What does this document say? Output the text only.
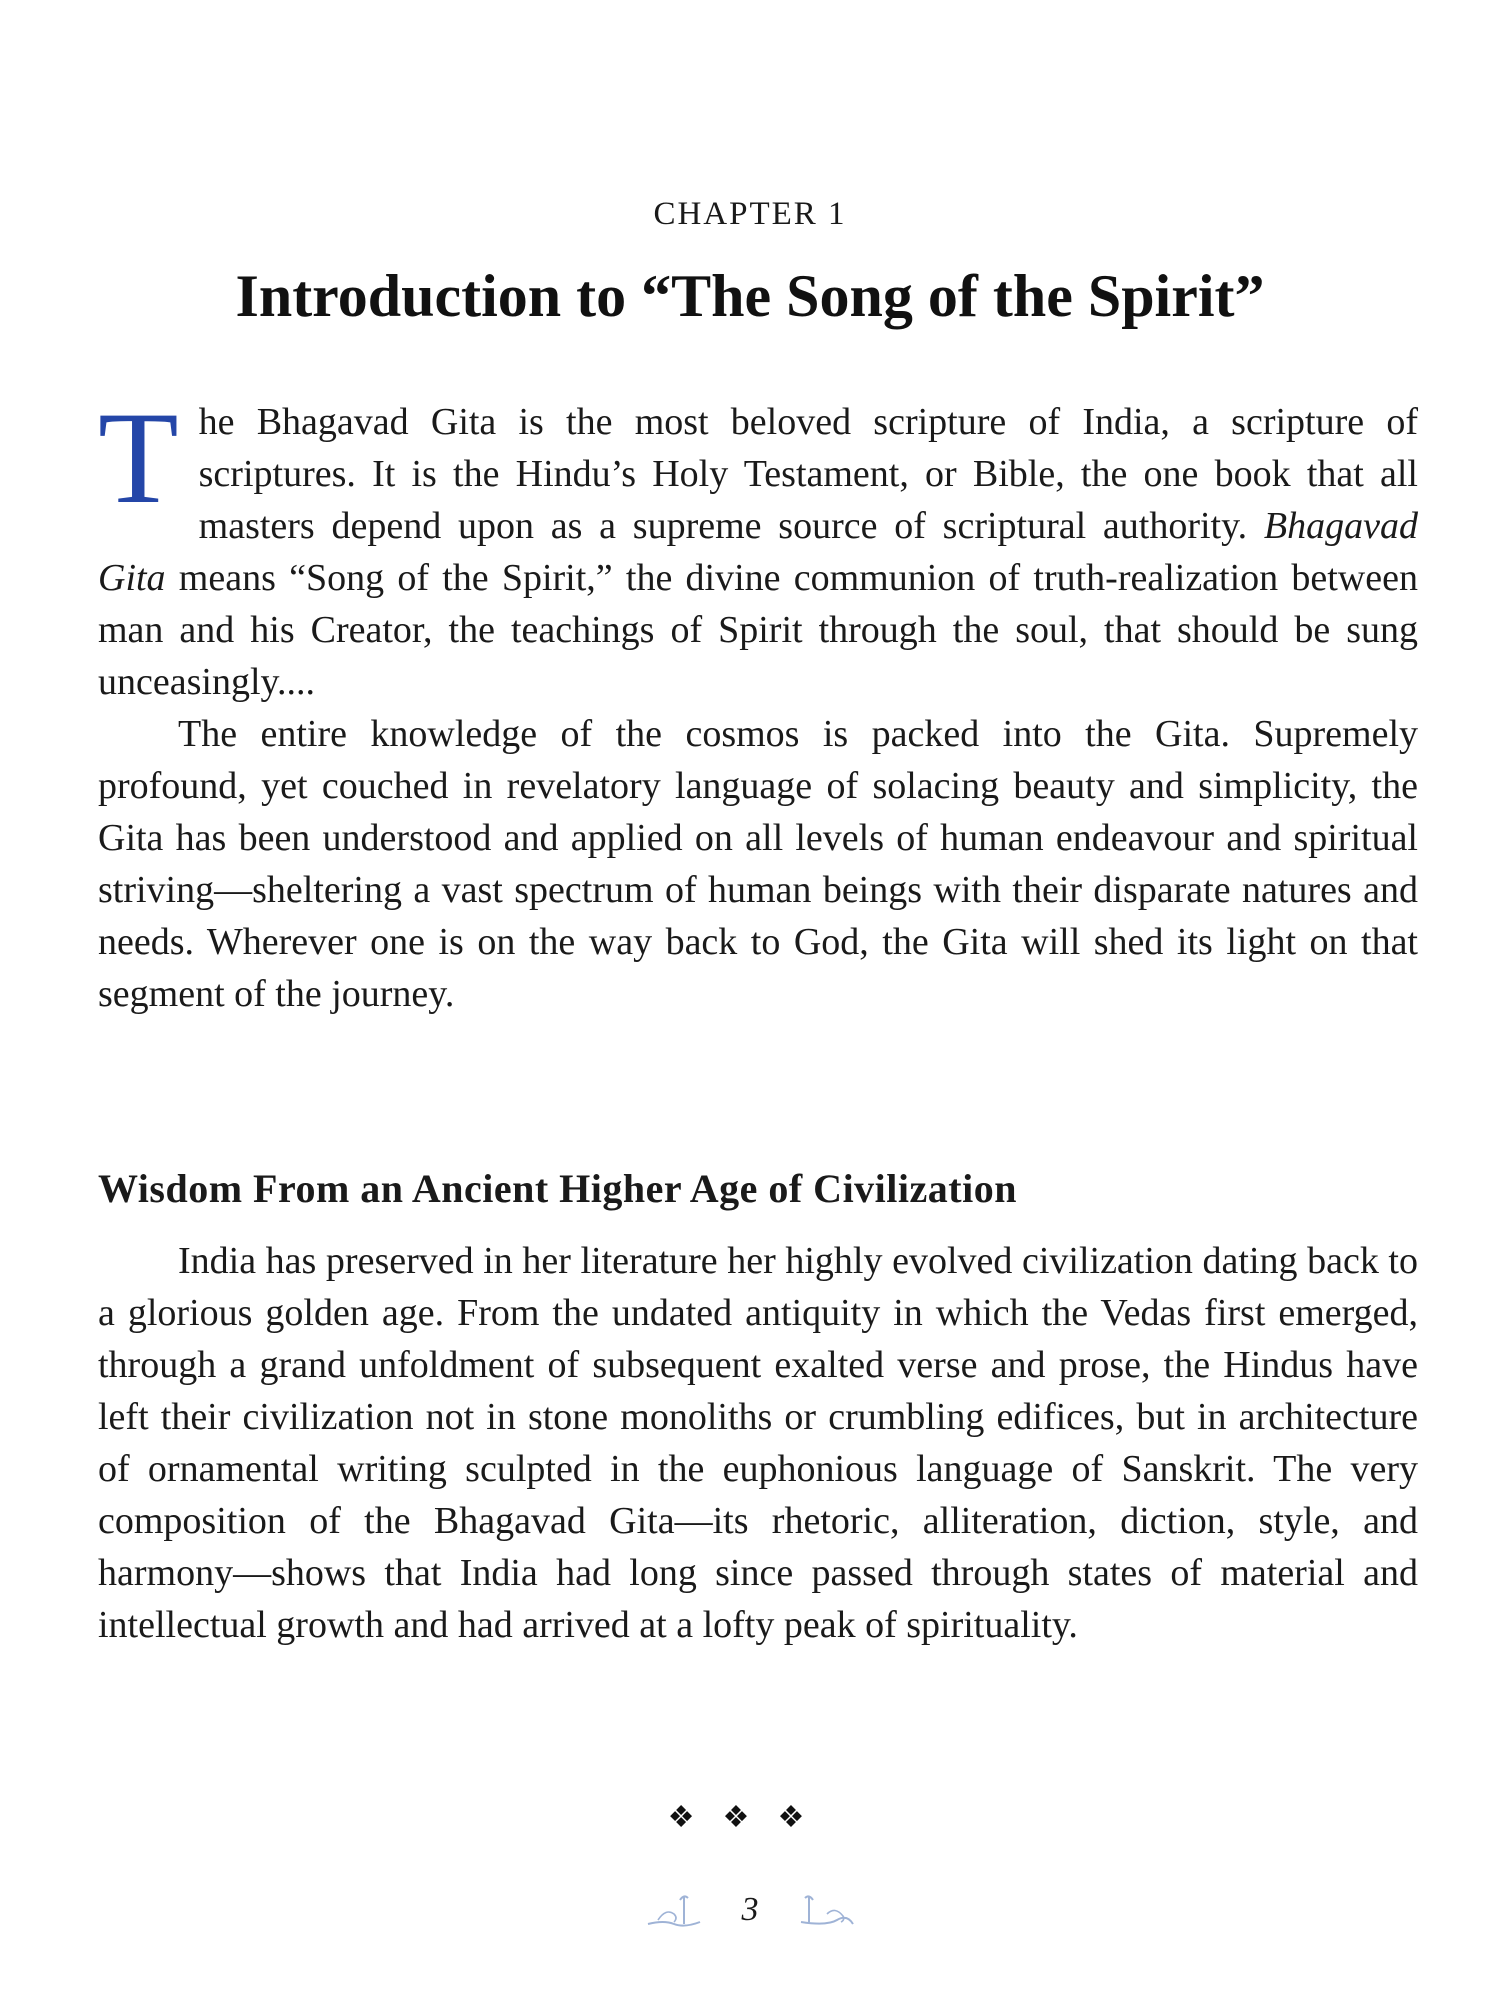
CHAPTER 1
Introduction to “The Song of the Spirit”

The Bhagavad Gita is the most beloved scripture of India, a scripture of scriptures. It is the Hindu’s Holy Testament, or Bible, the one book that all masters depend upon as a supreme source of scriptural authority. Bhagavad Gita means “Song of the Spirit,” the divine communion of truth-realization between man and his Creator, the teachings of Spirit through the soul, that should be sung unceasingly....

The entire knowledge of the cosmos is packed into the Gita. Supremely profound, yet couched in revelatory language of solacing beauty and simplicity, the Gita has been understood and applied on all levels of human endeavour and spiritual striving—sheltering a vast spectrum of human beings with their disparate natures and needs. Wherever one is on the way back to God, the Gita will shed its light on that segment of the journey.

Wisdom From an Ancient Higher Age of Civilization

India has preserved in her literature her highly evolved civilization dating back to a glorious golden age. From the undated antiquity in which the Vedas first emerged, through a grand unfoldment of subsequent exalted verse and prose, the Hindus have left their civilization not in stone monoliths or crumbling edifices, but in architecture of ornamental writing sculpted in the euphonious language of Sanskrit. The very composition of the Bhagavad Gita—its rhetoric, alliteration, diction, style, and harmony—shows that India had long since passed through states of material and intellectual growth and had arrived at a lofty peak of spirituality.

❖❖❖
3
